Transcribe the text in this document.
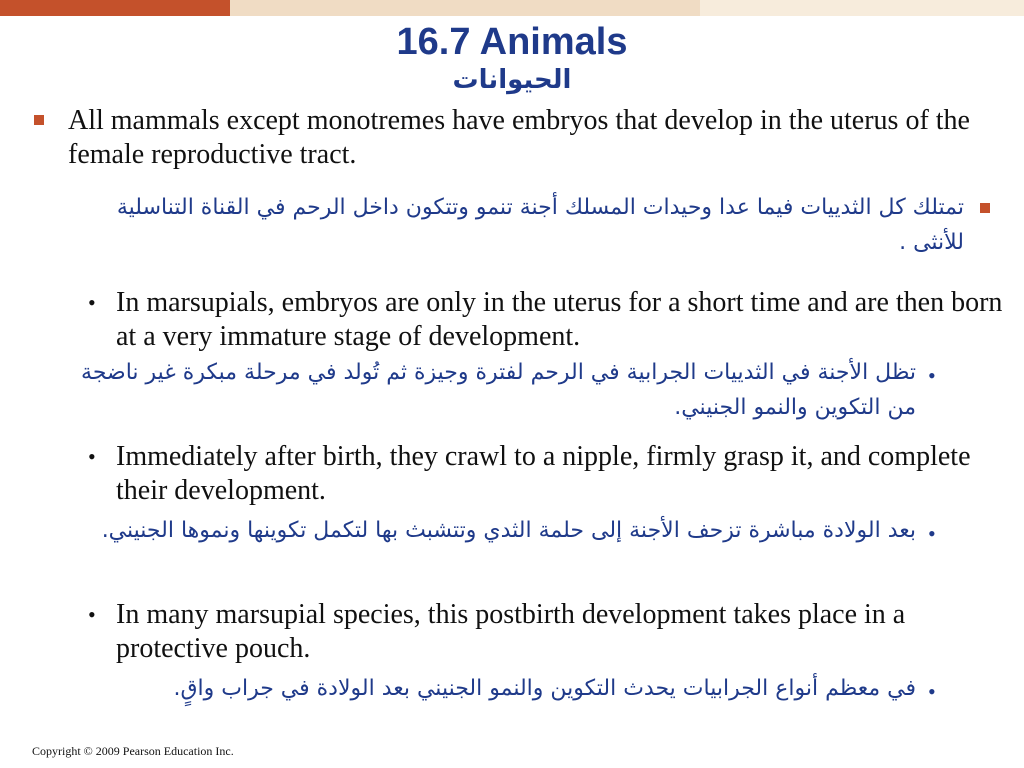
16.7 Animals
الحيوانات
All mammals except monotremes have embryos that develop in the uterus of the female reproductive tract.
تمتلك كل الثدييات فيما عدا وحيدات المسلك أجنة تنمو وتتكون داخل الرحم في القناة التناسلية للأنثى .
• In marsupials, embryos are only in the uterus for a short time and are then born at a very immature stage of development.
•
تظل الأجنة في الثدييات الجرابية في الرحم لفترة وجيزة ثم تُولد في مرحلة مبكرة غير ناضجة من التكوين والنمو الجنيني.
• Immediately after birth, they crawl to a nipple, firmly grasp it, and complete their development.
•
بعد الولادة مباشرة تزحف الأجنة إلى حلمة الثدي وتتشبث بها لتكمل تكوينها ونموها الجنيني.
• In many marsupial species, this postbirth development takes place in a protective pouch.
•
في معظم أنواع الجرابيات يحدث التكوين والنمو الجنيني بعد الولادة في جراب واقٍ.
Copyright © 2009 Pearson Education Inc.
